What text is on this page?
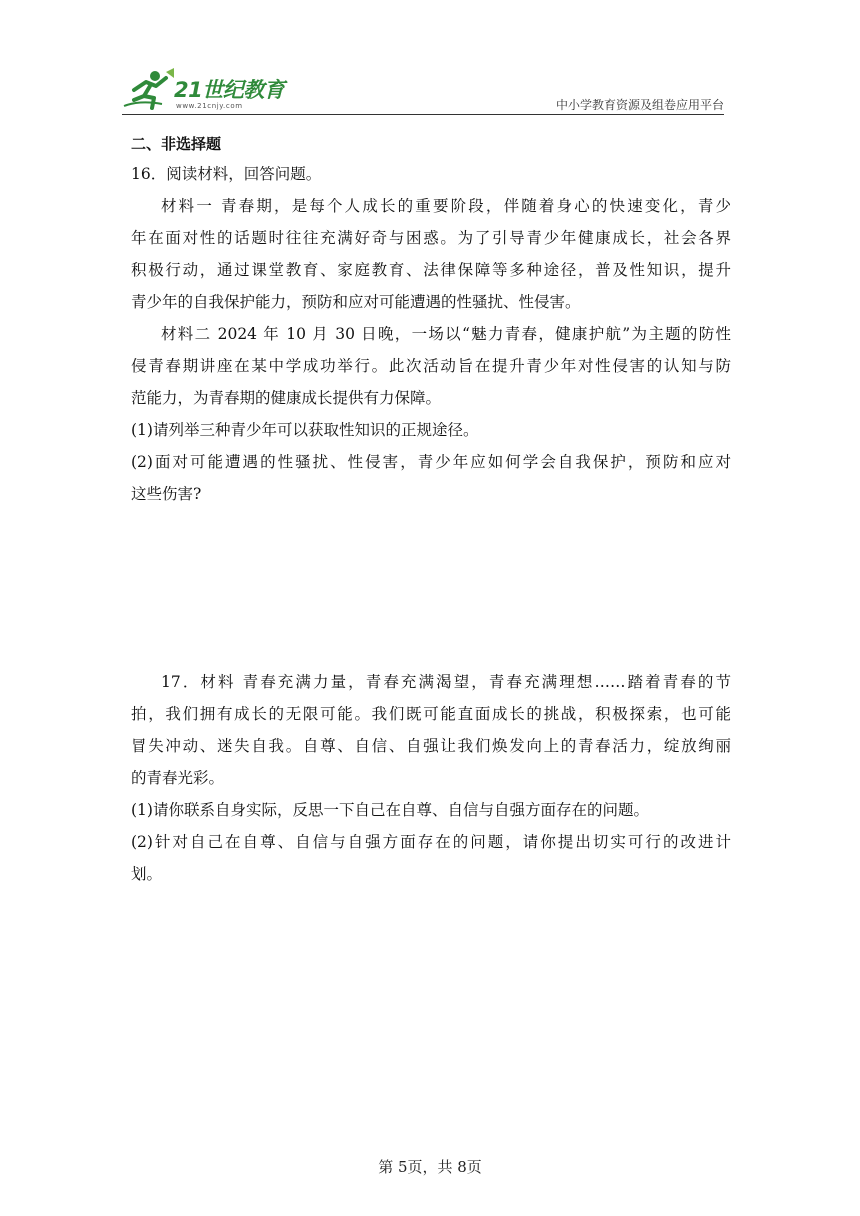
21世纪教育
www.21cnjy.com	中小学教育资源及组卷应用平台
二、非选择题
16．阅读材料，回答问题。
材料一 青春期，是每个人成长的重要阶段，伴随着身心的快速变化，青少
年在面对性的话题时往往充满好奇与困惑。为了引导青少年健康成长，社会各界
积极行动，通过课堂教育、家庭教育、法律保障等多种途径，普及性知识，提升
青少年的自我保护能力，预防和应对可能遭遇的性骚扰、性侵害。
材料二 2024 年 10 月 30 日晚，一场以“魅力青春，健康护航”为主题的防性
侵青春期讲座在某中学成功举行。此次活动旨在提升青少年对性侵害的认知与防
范能力，为青春期的健康成长提供有力保障。
(1)请列举三种青少年可以获取性知识的正规途径。
(2)面对可能遭遇的性骚扰、性侵害，青少年应如何学会自我保护，预防和应对
这些伤害?
17．材料 青春充满力量，青春充满渴望，青春充满理想……踏着青春的节
拍，我们拥有成长的无限可能。我们既可能直面成长的挑战，积极探索，也可能
冒失冲动、迷失自我。自尊、自信、自强让我们焕发向上的青春活力，绽放绚丽
的青春光彩。
(1)请你联系自身实际，反思一下自己在自尊、自信与自强方面存在的问题。
(2)针对自己在自尊、自信与自强方面存在的问题，请你提出切实可行的改进计
划。
第 5页，共 8页
